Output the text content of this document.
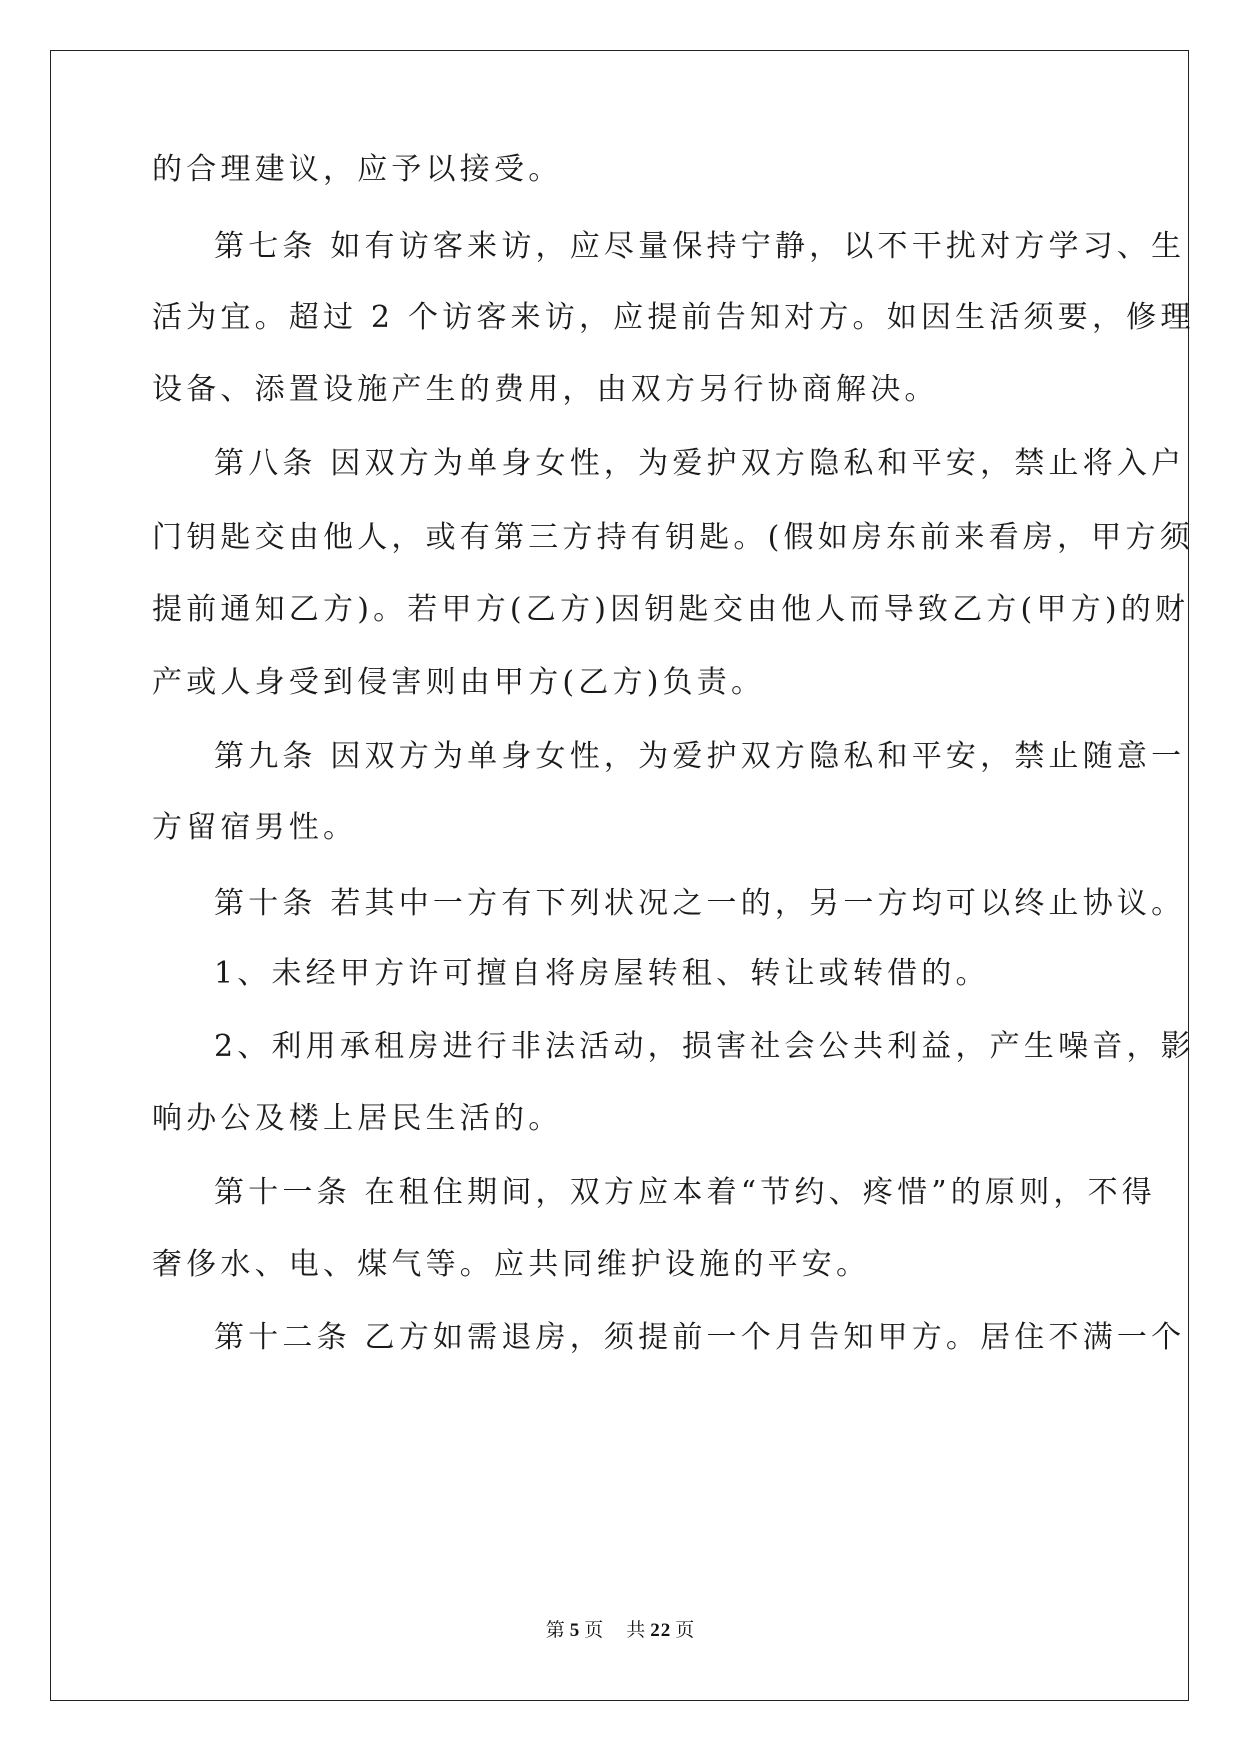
的合理建议，应予以接受。
第七条 如有访客来访，应尽量保持宁静，以不干扰对方学习、生
活为宜。超过 2 个访客来访，应提前告知对方。如因生活须要，修理
设备、添置设施产生的费用，由双方另行协商解决。
第八条 因双方为单身女性，为爱护双方隐私和平安，禁止将入户
门钥匙交由他人，或有第三方持有钥匙。(假如房东前来看房，甲方须
提前通知乙方)。若甲方(乙方)因钥匙交由他人而导致乙方(甲方)的财
产或人身受到侵害则由甲方(乙方)负责。
第九条 因双方为单身女性，为爱护双方隐私和平安，禁止随意一
方留宿男性。
第十条 若其中一方有下列状况之一的，另一方均可以终止协议。
1、未经甲方许可擅自将房屋转租、转让或转借的。
2、利用承租房进行非法活动，损害社会公共利益，产生噪音，影
响办公及楼上居民生活的。
第十一条 在租住期间，双方应本着“节约、疼惜”的原则，不得
奢侈水、电、煤气等。应共同维护设施的平安。
第十二条 乙方如需退房，须提前一个月告知甲方。居住不满一个
第 5 页 共 22 页
